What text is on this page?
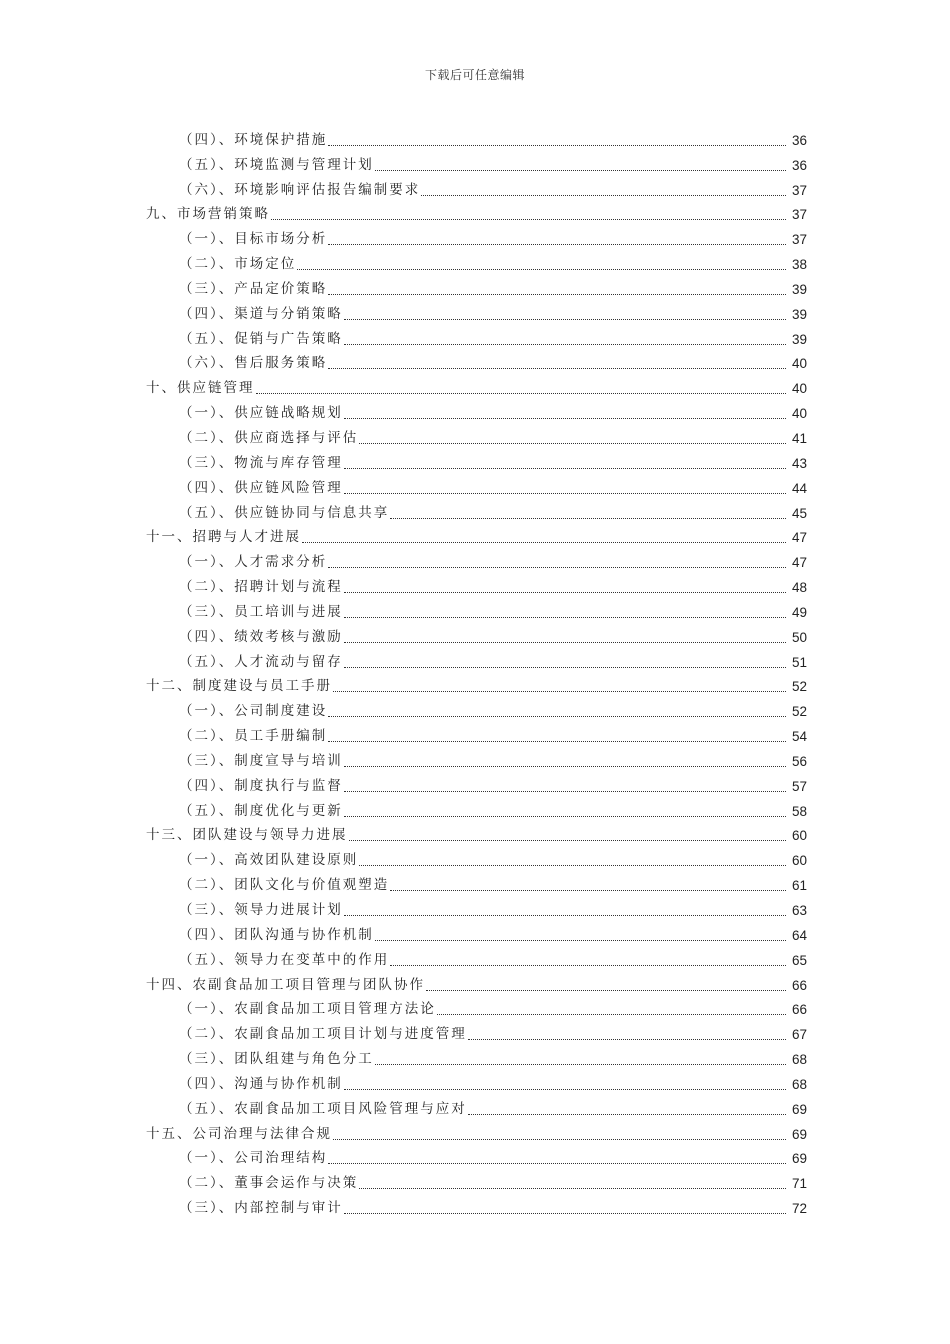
下载后可任意编辑
（四）、环境保护措施	36
（五）、环境监测与管理计划	36
（六）、环境影响评估报告编制要求	37
九、市场营销策略	37
（一）、目标市场分析	37
（二）、市场定位	38
（三）、产品定价策略	39
（四）、渠道与分销策略	39
（五）、促销与广告策略	39
（六）、售后服务策略	40
十、供应链管理	40
（一）、供应链战略规划	40
（二）、供应商选择与评估	41
（三）、物流与库存管理	43
（四）、供应链风险管理	44
（五）、供应链协同与信息共享	45
十一、招聘与人才进展	47
（一）、人才需求分析	47
（二）、招聘计划与流程	48
（三）、员工培训与进展	49
（四）、绩效考核与激励	50
（五）、人才流动与留存	51
十二、制度建设与员工手册	52
（一）、公司制度建设	52
（二）、员工手册编制	54
（三）、制度宣导与培训	56
（四）、制度执行与监督	57
（五）、制度优化与更新	58
十三、团队建设与领导力进展	60
（一）、高效团队建设原则	60
（二）、团队文化与价值观塑造	61
（三）、领导力进展计划	63
（四）、团队沟通与协作机制	64
（五）、领导力在变革中的作用	65
十四、农副食品加工项目管理与团队协作	66
（一）、农副食品加工项目管理方法论	66
（二）、农副食品加工项目计划与进度管理	67
（三）、团队组建与角色分工	68
（四）、沟通与协作机制	68
（五）、农副食品加工项目风险管理与应对	69
十五、公司治理与法律合规	69
（一）、公司治理结构	69
（二）、董事会运作与决策	71
（三）、内部控制与审计	72
